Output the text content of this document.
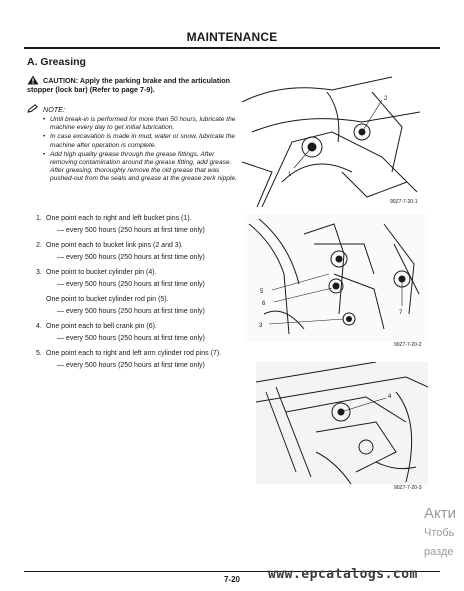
MAINTENANCE
A. Greasing
CAUTION: Apply the parking brake and the articulation stopper (lock bar) (Refer to page 7-9).
NOTE:
• Until break-in is performed for more than 50 hours, lubricate the machine every day to get initial lubrication.
• In case excavation is made in mud, water or snow, lubricate the machine after operation is complete.
• Add high quality grease through the grease fittings. After removing contamination around the grease fitting, add grease. After greasing, thoroughly remove the old grease that was pushed-out from the seals and grease at the grease zerk nipple.
1. One point each to right and left bucket pins (1).
— every 500 hours (250 hours at first time only)
2. One point each to bucket link pins (2 and 3).
— every 500 hours (250 hours at first time only)
3. One point to bucket cylinder pin (4).
— every 500 hours (250 hours at first time only)
One point to bucket cylinder rod pin (5).
— every 500 hours (250 hours at first time only)
4. One point each to bell crank pin (6).
— every 500 hours (250 hours at first time only)
5. One point each to right and left arm cylinder rod pins (7).
— every 500 hours (250 hours at first time only)
2
1
90Z7-7-20-1
5
6
3
7
90Z7-7-20-2
4
90Z7-7-20-3
Акти
Чтобь
разде
7-20	www.epcatalogs.com
